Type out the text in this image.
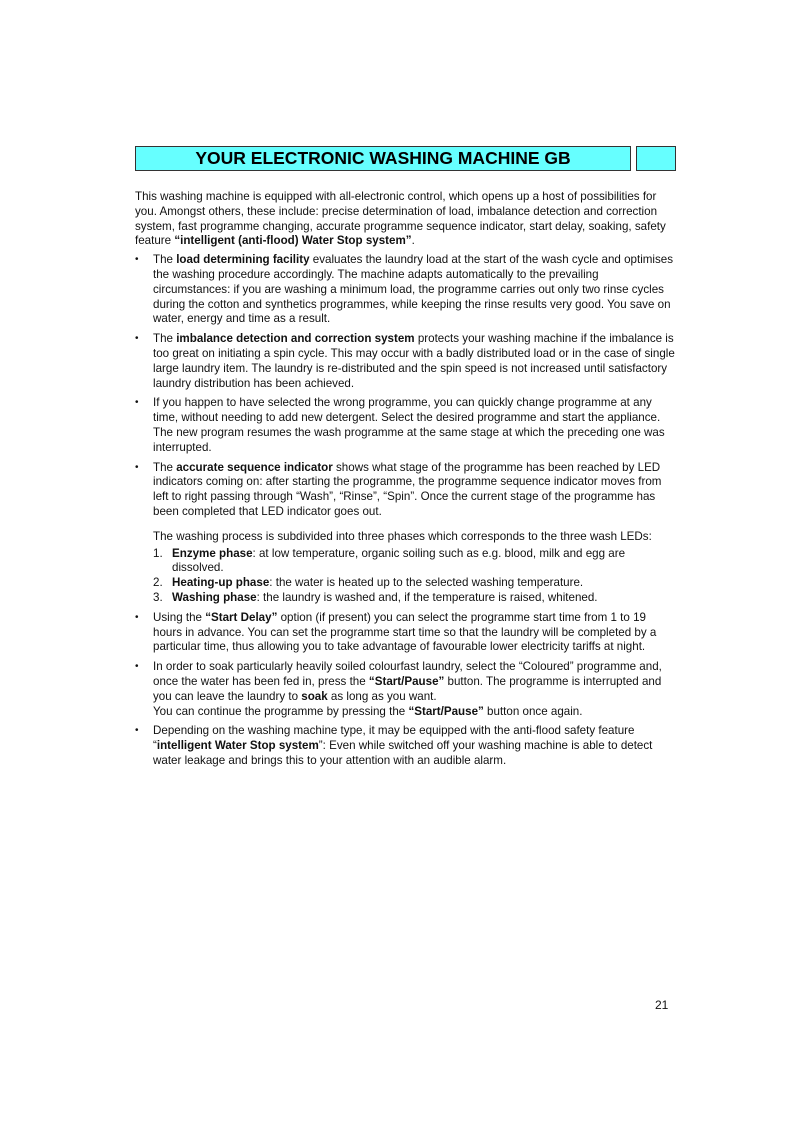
YOUR ELECTRONIC WASHING MACHINE GB

This washing machine is equipped with all-electronic control, which opens up a host of possibilities for you. Amongst others, these include: precise determination of load, imbalance detection and correction system, fast programme changing, accurate programme sequence indicator, start delay, soaking, safety feature “intelligent (anti-flood) Water Stop system”.

• The load determining facility evaluates the laundry load at the start of the wash cycle and optimises the washing procedure accordingly. The machine adapts automatically to the prevailing circumstances: if you are washing a minimum load, the programme carries out only two rinse cycles during the cotton and synthetics programmes, while keeping the rinse results very good. You save on water, energy and time as a result.
• The imbalance detection and correction system protects your washing machine if the imbalance is too great on initiating a spin cycle. This may occur with a badly distributed load or in the case of single large laundry item. The laundry is re-distributed and the spin speed is not increased until satisfactory laundry distribution has been achieved.
• If you happen to have selected the wrong programme, you can quickly change programme at any time, without needing to add new detergent. Select the desired programme and start the appliance. The new program resumes the wash programme at the same stage at which the preceding one was interrupted.
• The accurate sequence indicator shows what stage of the programme has been reached by LED indicators coming on: after starting the programme, the programme sequence indicator moves from left to right passing through “Wash”, “Rinse”, “Spin”. Once the current stage of the programme has been completed that LED indicator goes out.

The washing process is subdivided into three phases which corresponds to the three wash LEDs:

1. Enzyme phase: at low temperature, organic soiling such as e.g. blood, milk and egg are dissolved.
2. Heating-up phase: the water is heated up to the selected washing temperature.
3. Washing phase: the laundry is washed and, if the temperature is raised, whitened.
• Using the “Start Delay” option (if present) you can select the programme start time from 1 to 19 hours in advance. You can set the programme start time so that the laundry will be completed by a particular time, thus allowing you to take advantage of favourable lower electricity tariffs at night.
• In order to soak particularly heavily soiled colourfast laundry, select the “Coloured” programme and, once the water has been fed in, press the “Start/Pause” button. The programme is interrupted and you can leave the laundry to soak as long as you want.
You can continue the programme by pressing the “Start/Pause” button once again.
• Depending on the washing machine type, it may be equipped with the anti-flood safety feature “intelligent Water Stop system”: Even while switched off your washing machine is able to detect water leakage and brings this to your attention with an audible alarm.
21
